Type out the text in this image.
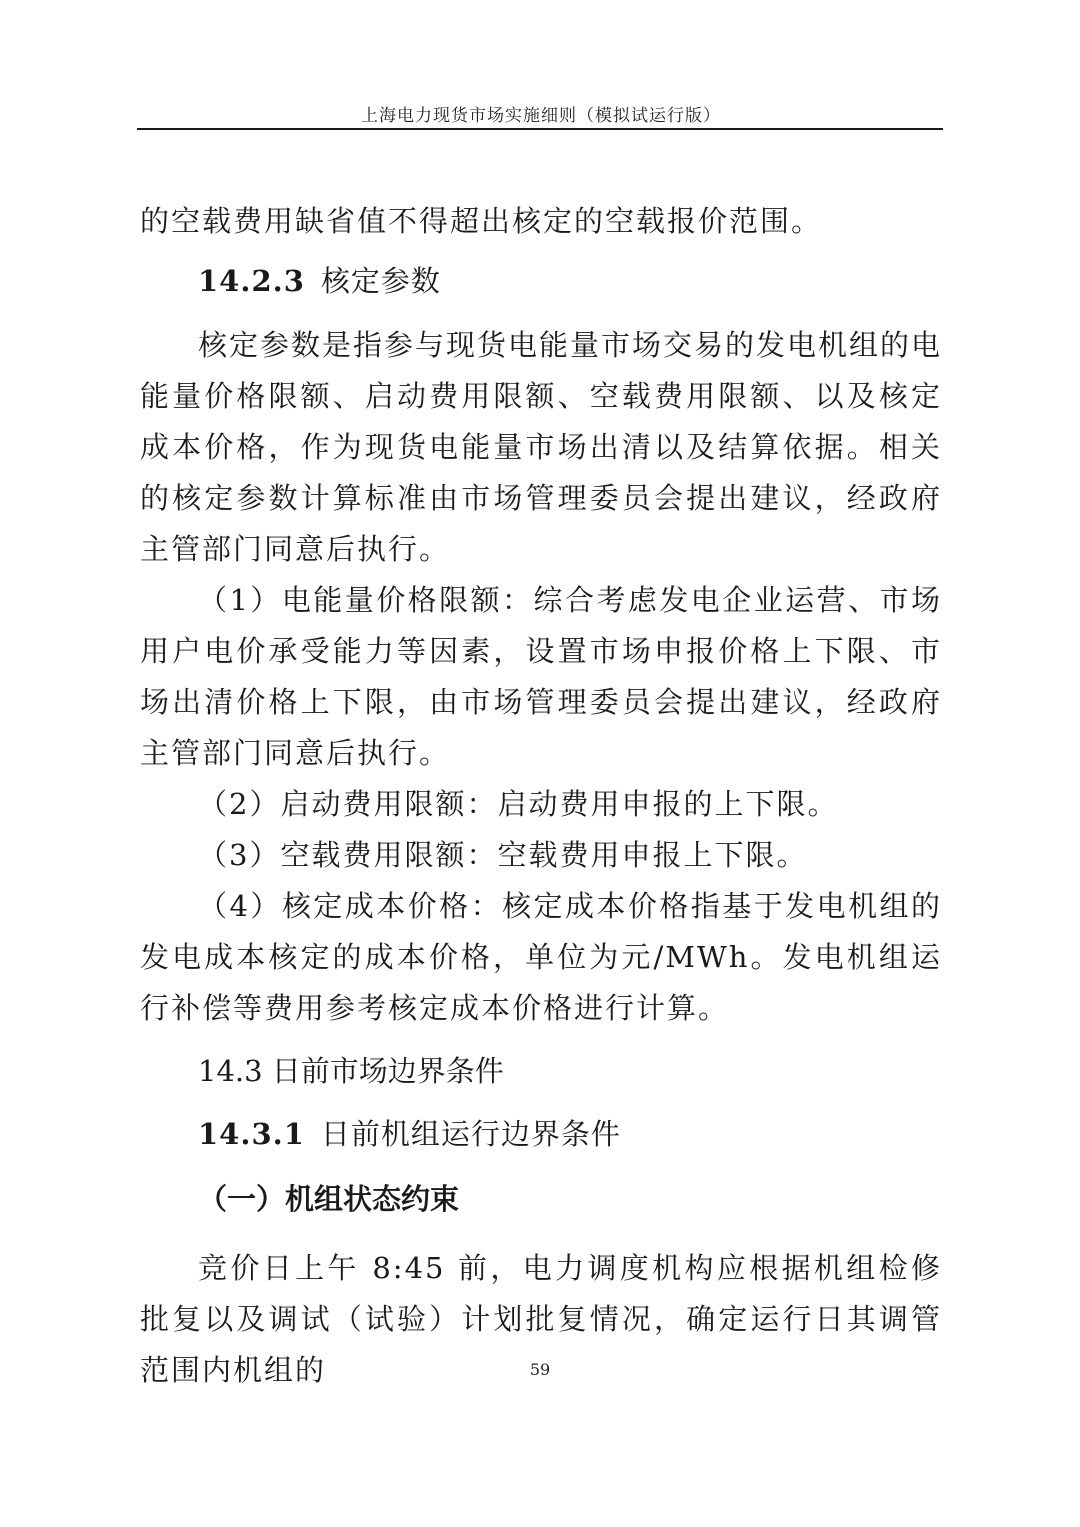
上海电力现货市场实施细则（模拟试运行版）

的空载费用缺省值不得超出核定的空载报价范围。

14.2.3 核定参数

核定参数是指参与现货电能量市场交易的发电机组的电能量价格限额、启动费用限额、空载费用限额、以及核定成本价格，作为现货电能量市场出清以及结算依据。相关的核定参数计算标准由市场管理委员会提出建议，经政府主管部门同意后执行。

（1）电能量价格限额：综合考虑发电企业运营、市场用户电价承受能力等因素，设置市场申报价格上下限、市场出清价格上下限，由市场管理委员会提出建议，经政府主管部门同意后执行。

（2）启动费用限额：启动费用申报的上下限。

（3）空载费用限额：空载费用申报上下限。

（4）核定成本价格：核定成本价格指基于发电机组的发电成本核定的成本价格，单位为元/MWh。发电机组运行补偿等费用参考核定成本价格进行计算。

14.3 日前市场边界条件
14.3.1 日前机组运行边界条件
（一）机组状态约束

竞价日上午 8:45 前，电力调度机构应根据机组检修批复以及调试（试验）计划批复情况，确定运行日其调管范围内机组的	59
